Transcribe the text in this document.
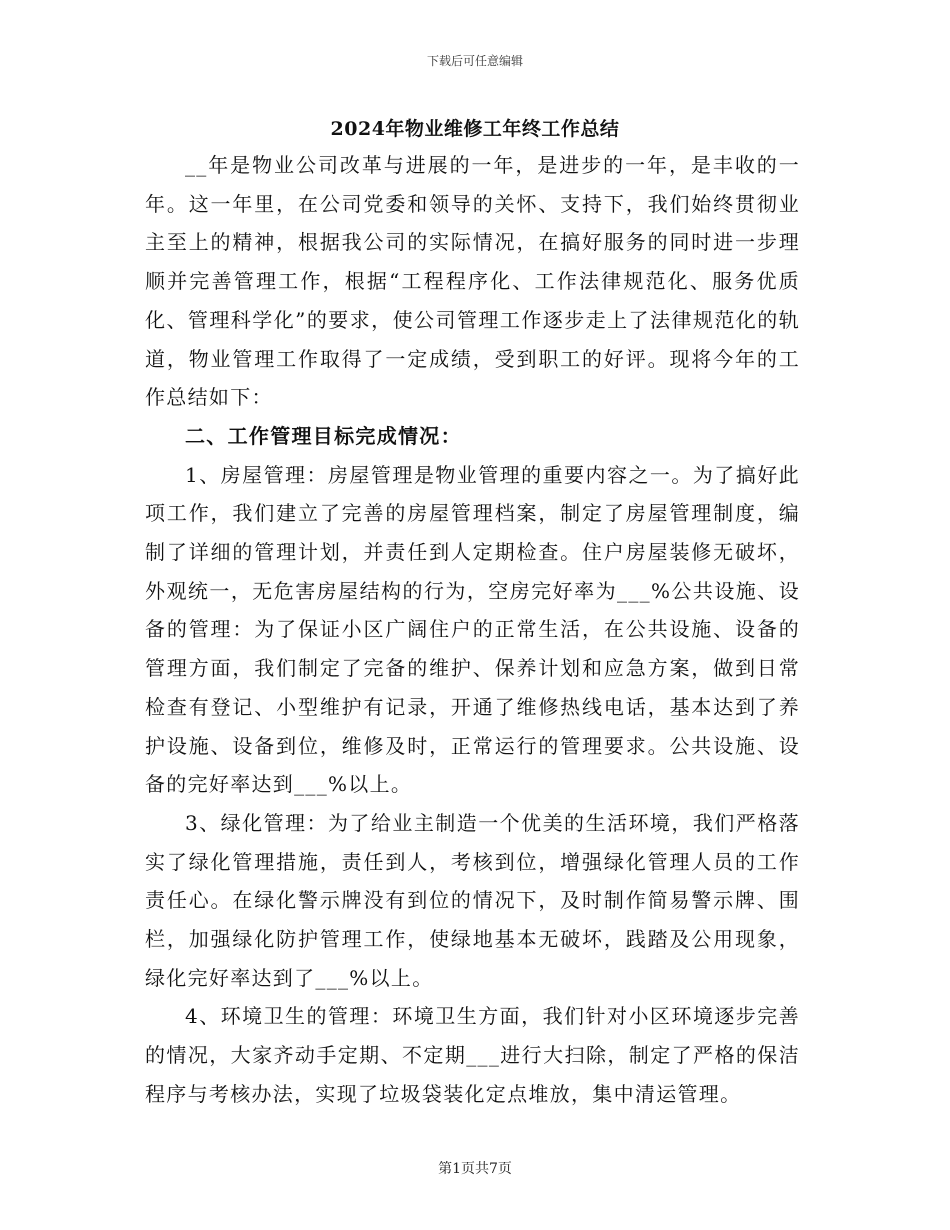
下载后可任意编辑
2024年物业维修工年终工作总结

__年是物业公司改革与进展的一年，是进步的一年，是丰收的一年。这一年里，在公司党委和领导的关怀、支持下，我们始终贯彻业主至上的精神，根据我公司的实际情况，在搞好服务的同时进一步理顺并完善管理工作，根据“工程程序化、工作法律规范化、服务优质化、管理科学化”的要求，使公司管理工作逐步走上了法律规范化的轨道，物业管理工作取得了一定成绩，受到职工的好评。现将今年的工作总结如下：

二、工作管理目标完成情况：

1、房屋管理：房屋管理是物业管理的重要内容之一。为了搞好此项工作，我们建立了完善的房屋管理档案，制定了房屋管理制度，编制了详细的管理计划，并责任到人定期检查。住户房屋装修无破坏，外观统一，无危害房屋结构的行为，空房完好率为___%公共设施、设备的管理：为了保证小区广阔住户的正常生活，在公共设施、设备的管理方面，我们制定了完备的维护、保养计划和应急方案，做到日常检查有登记、小型维护有记录，开通了维修热线电话，基本达到了养护设施、设备到位，维修及时，正常运行的管理要求。公共设施、设备的完好率达到___%以上。

3、绿化管理：为了给业主制造一个优美的生活环境，我们严格落实了绿化管理措施，责任到人，考核到位，增强绿化管理人员的工作责任心。在绿化警示牌没有到位的情况下，及时制作简易警示牌、围栏，加强绿化防护管理工作，使绿地基本无破坏，践踏及公用现象，绿化完好率达到了___%以上。

4、环境卫生的管理：环境卫生方面，我们针对小区环境逐步完善的情况，大家齐动手定期、不定期___进行大扫除，制定了严格的保洁程序与考核办法，实现了垃圾袋装化定点堆放，集中清运管理。

第1页共7页
